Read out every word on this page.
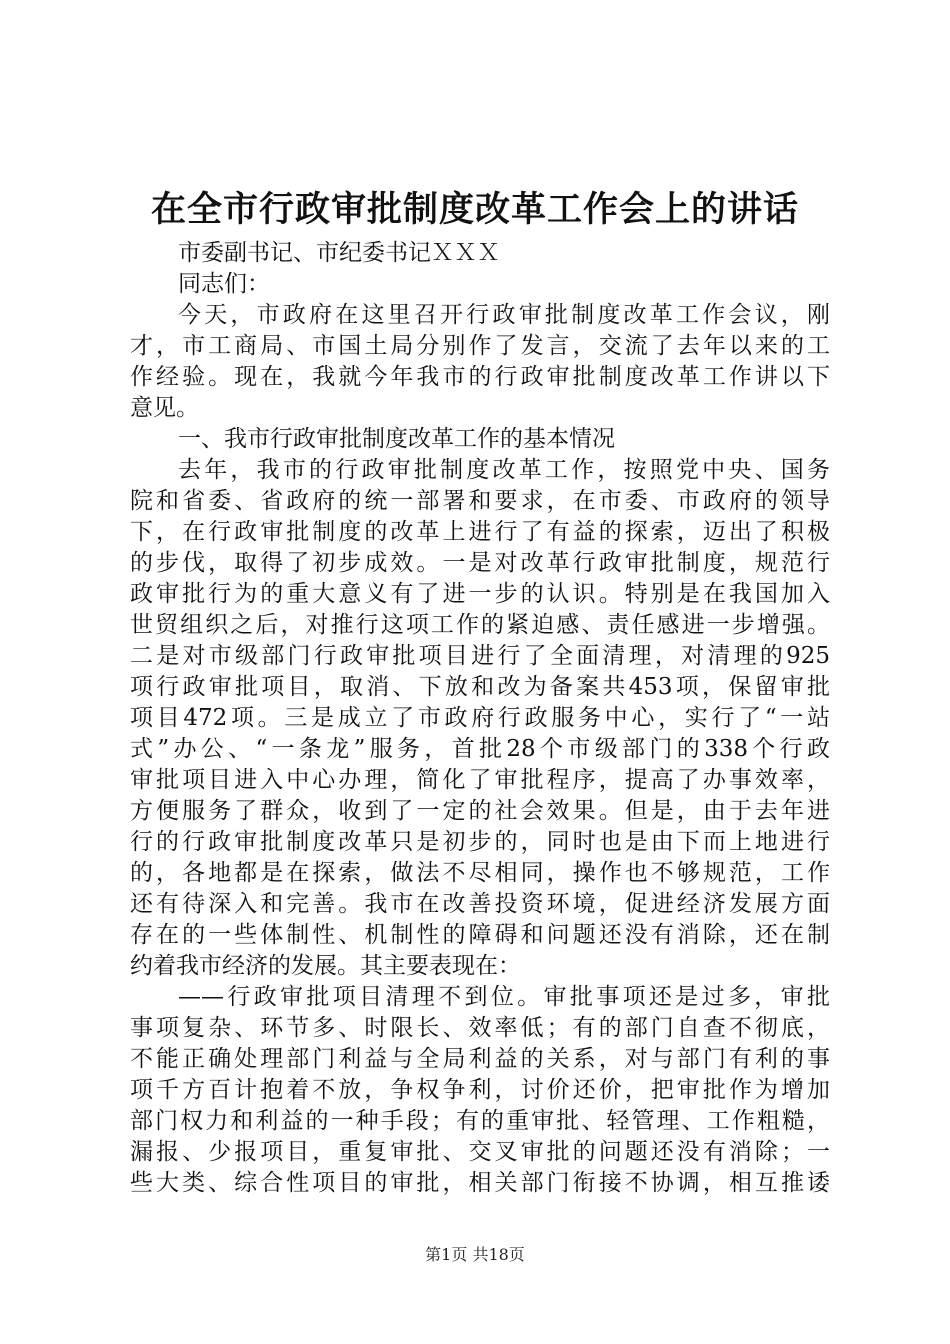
在全市行政审批制度改革工作会上的讲话
市委副书记、市纪委书记ＸＸＸ
同志们：
今天，市政府在这里召开行政审批制度改革工作会议，刚
才，市工商局、市国土局分别作了发言，交流了去年以来的工
作经验。现在，我就今年我市的行政审批制度改革工作讲以下
意见。
一、我市行政审批制度改革工作的基本情况
去年，我市的行政审批制度改革工作，按照党中央、国务
院和省委、省政府的统一部署和要求，在市委、市政府的领导
下，在行政审批制度的改革上进行了有益的探索，迈出了积极
的步伐，取得了初步成效。一是对改革行政审批制度，规范行
政审批行为的重大意义有了进一步的认识。特别是在我国加入
世贸组织之后，对推行这项工作的紧迫感、责任感进一步增强。
二是对市级部门行政审批项目进行了全面清理，对清理的925
项行政审批项目，取消、下放和改为备案共453项，保留审批
项目472项。三是成立了市政府行政服务中心，实行了“一站
式”办公、“一条龙”服务，首批28个市级部门的338个行政
审批项目进入中心办理，简化了审批程序，提高了办事效率，
方便服务了群众，收到了一定的社会效果。但是，由于去年进
行的行政审批制度改革只是初步的，同时也是由下而上地进行
的，各地都是在探索，做法不尽相同，操作也不够规范，工作
还有待深入和完善。我市在改善投资环境，促进经济发展方面
存在的一些体制性、机制性的障碍和问题还没有消除，还在制
约着我市经济的发展。其主要表现在：
——行政审批项目清理不到位。审批事项还是过多，审批
事项复杂、环节多、时限长、效率低；有的部门自查不彻底，
不能正确处理部门利益与全局利益的关系，对与部门有利的事
项千方百计抱着不放，争权争利，讨价还价，把审批作为增加
部门权力和利益的一种手段；有的重审批、轻管理、工作粗糙，
漏报、少报项目，重复审批、交叉审批的问题还没有消除；一
些大类、综合性项目的审批，相关部门衔接不协调，相互推诿
第1页 共18页
